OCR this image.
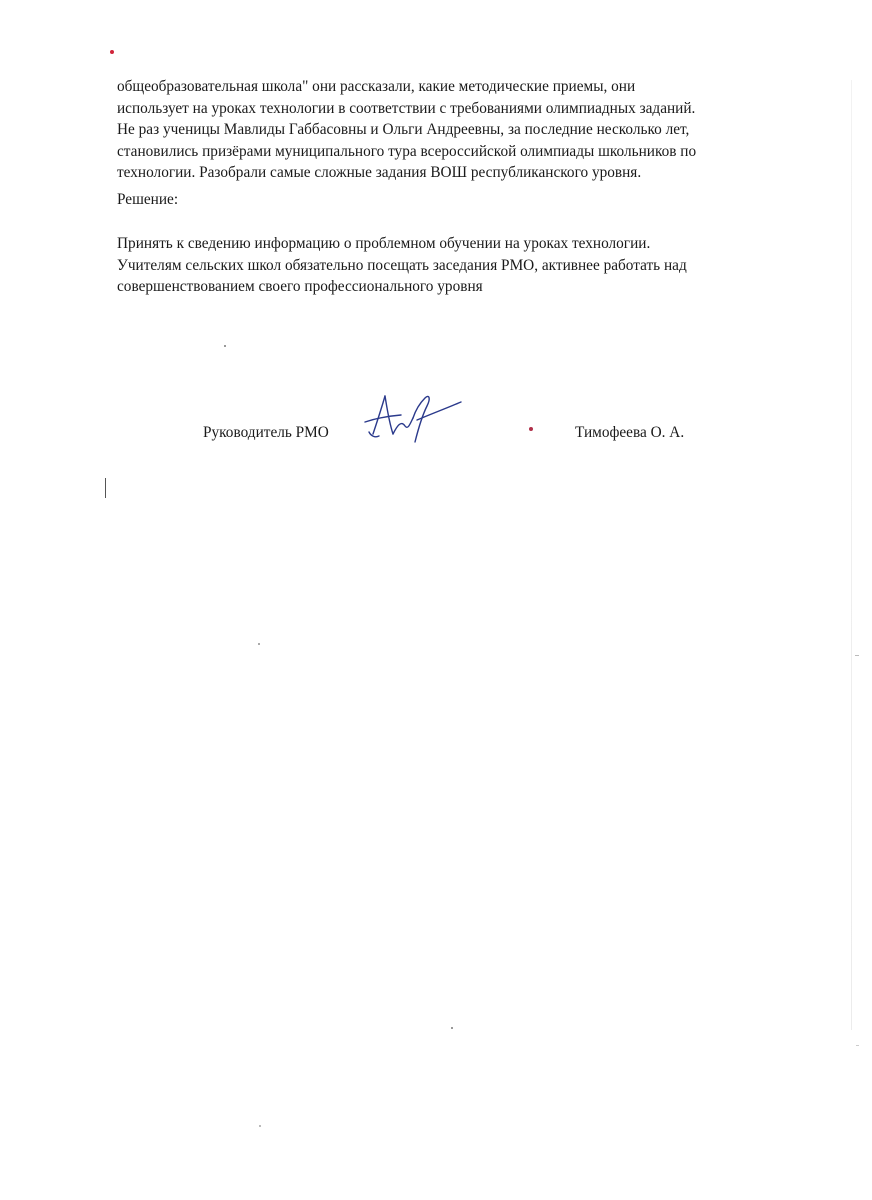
общеобразовательная школа" они рассказали, какие методические приемы, они
использует на уроках технологии в соответствии с требованиями олимпиадных заданий.
Не раз ученицы Мавлиды Габбасовны и Ольги Андреевны, за последние несколько лет,
становились призёрами муниципального тура всероссийской олимпиады школьников по
технологии. Разобрали самые сложные задания ВОШ республиканского уровня.
Решение:
Принять к сведению информацию о проблемном обучении на уроках технологии.
Учителям сельских школ обязательно посещать заседания РМО, активнее работать над
совершенствованием своего профессионального уровня
Руководитель РМО	Тимофеева О. А.
